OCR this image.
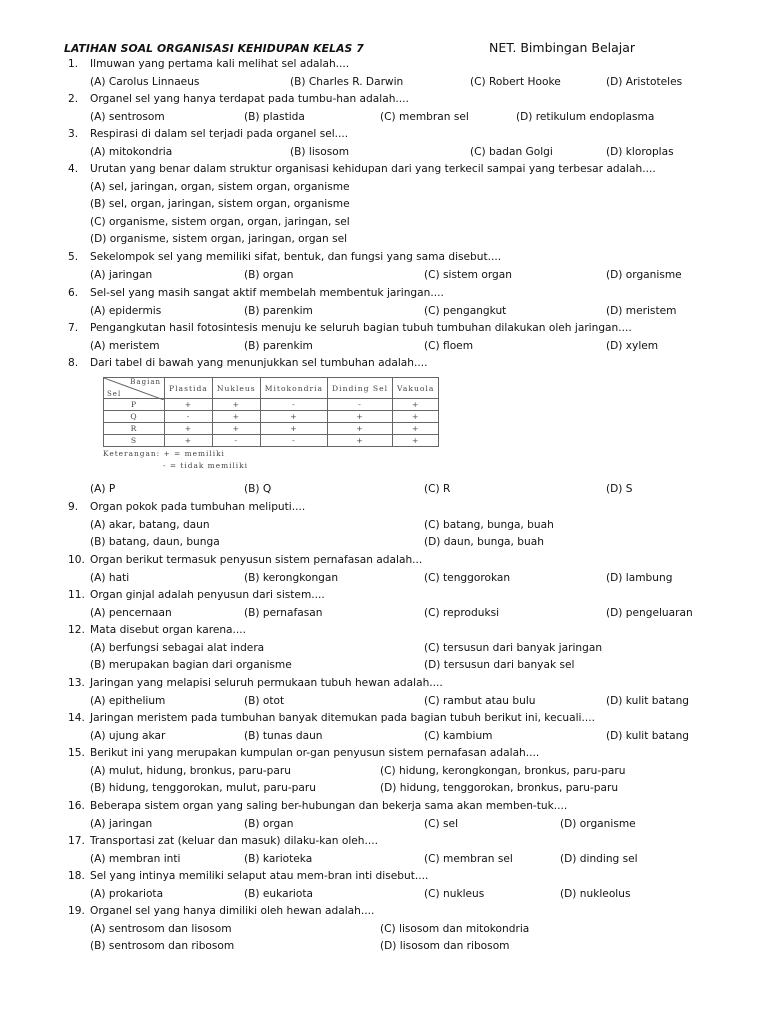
LATIHAN SOAL ORGANISASI KEHIDUPAN KELAS 7	NET. Bimbingan Belajar
1. Ilmuwan yang pertama kali melihat sel adalah....
(A) Carolus Linnaeus	(B) Charles R. Darwin	(C) Robert Hooke	(D) Aristoteles
2. Organel sel yang hanya terdapat pada tumbu-han adalah....
(A) sentrosom	(B) plastida	(C) membran sel	(D) retikulum endoplasma
3. Respirasi di dalam sel terjadi pada organel sel....
(A) mitokondria	(B) lisosom	(C) badan Golgi	(D) kloroplas
4. Urutan yang benar dalam struktur organisasi kehidupan dari yang terkecil sampai yang terbesar adalah....
(A) sel, jaringan, organ, sistem organ, organisme
(B) sel, organ, jaringan, sistem organ, organisme
(C) organisme, sistem organ, organ, jaringan, sel
(D) organisme, sistem organ, jaringan, organ sel
5. Sekelompok sel yang memiliki sifat, bentuk, dan fungsi yang sama disebut....
(A) jaringan	(B) organ	(C) sistem organ	(D) organisme
6. Sel-sel yang masih sangat aktif membelah membentuk jaringan....
(A) epidermis	(B) parenkim	(C) pengangkut	(D) meristem
7. Pengangkutan hasil fotosintesis menuju ke seluruh bagian tubuh tumbuhan dilakukan oleh jaringan....
(A) meristem	(B) parenkim	(C) floem	(D) xylem
8. Dari tabel di bawah yang menunjukkan sel tumbuhan adalah....
Bagian
Sel	Plastida	Nukleus	Mitokondria	Dinding Sel	Vakuola
P	+	+	-	-	+
Q	-	+	+	+	+
R	+	+	+	+	+
S	+	-	-	+	+
Keterangan: + = memiliki
- = tidak memiliki
(A) P	(B) Q	(C) R	(D) S
9. Organ pokok pada tumbuhan meliputi....
(A) akar, batang, daun	(C) batang, bunga, buah
(B) batang, daun, bunga	(D) daun, bunga, buah
10. Organ berikut termasuk penyusun sistem pernafasan adalah...
(A) hati	(B) kerongkongan	(C) tenggorokan	(D) lambung
11. Organ ginjal adalah penyusun dari sistem....
(A) pencernaan	(B) pernafasan	(C) reproduksi	(D) pengeluaran
12. Mata disebut organ karena....
(A) berfungsi sebagai alat indera	(C) tersusun dari banyak jaringan
(B) merupakan bagian dari organisme	(D) tersusun dari banyak sel
13. Jaringan yang melapisi seluruh permukaan tubuh hewan adalah....
(A) epithelium	(B) otot	(C) rambut atau bulu	(D) kulit batang
14. Jaringan meristem pada tumbuhan banyak ditemukan pada bagian tubuh berikut ini, kecuali....
(A) ujung akar	(B) tunas daun	(C) kambium	(D) kulit batang
15. Berikut ini yang merupakan kumpulan or-gan penyusun sistem pernafasan adalah....
(A) mulut, hidung, bronkus, paru-paru	(C) hidung, kerongkongan, bronkus, paru-paru
(B) hidung, tenggorokan, mulut, paru-paru	(D) hidung, tenggorokan, bronkus, paru-paru
16. Beberapa sistem organ yang saling ber-hubungan dan bekerja sama akan memben-tuk....
(A) jaringan	(B) organ	(C) sel	(D) organisme
17. Transportasi zat (keluar dan masuk) dilaku-kan oleh....
(A) membran inti	(B) karioteka	(C) membran sel	(D) dinding sel
18. Sel yang intinya memiliki selaput atau mem-bran inti disebut....
(A) prokariota	(B) eukariota	(C) nukleus	(D) nukleolus
19. Organel sel yang hanya dimiliki oleh hewan adalah....
(A) sentrosom dan lisosom	(C) lisosom dan mitokondria
(B) sentrosom dan ribosom	(D) lisosom dan ribosom
